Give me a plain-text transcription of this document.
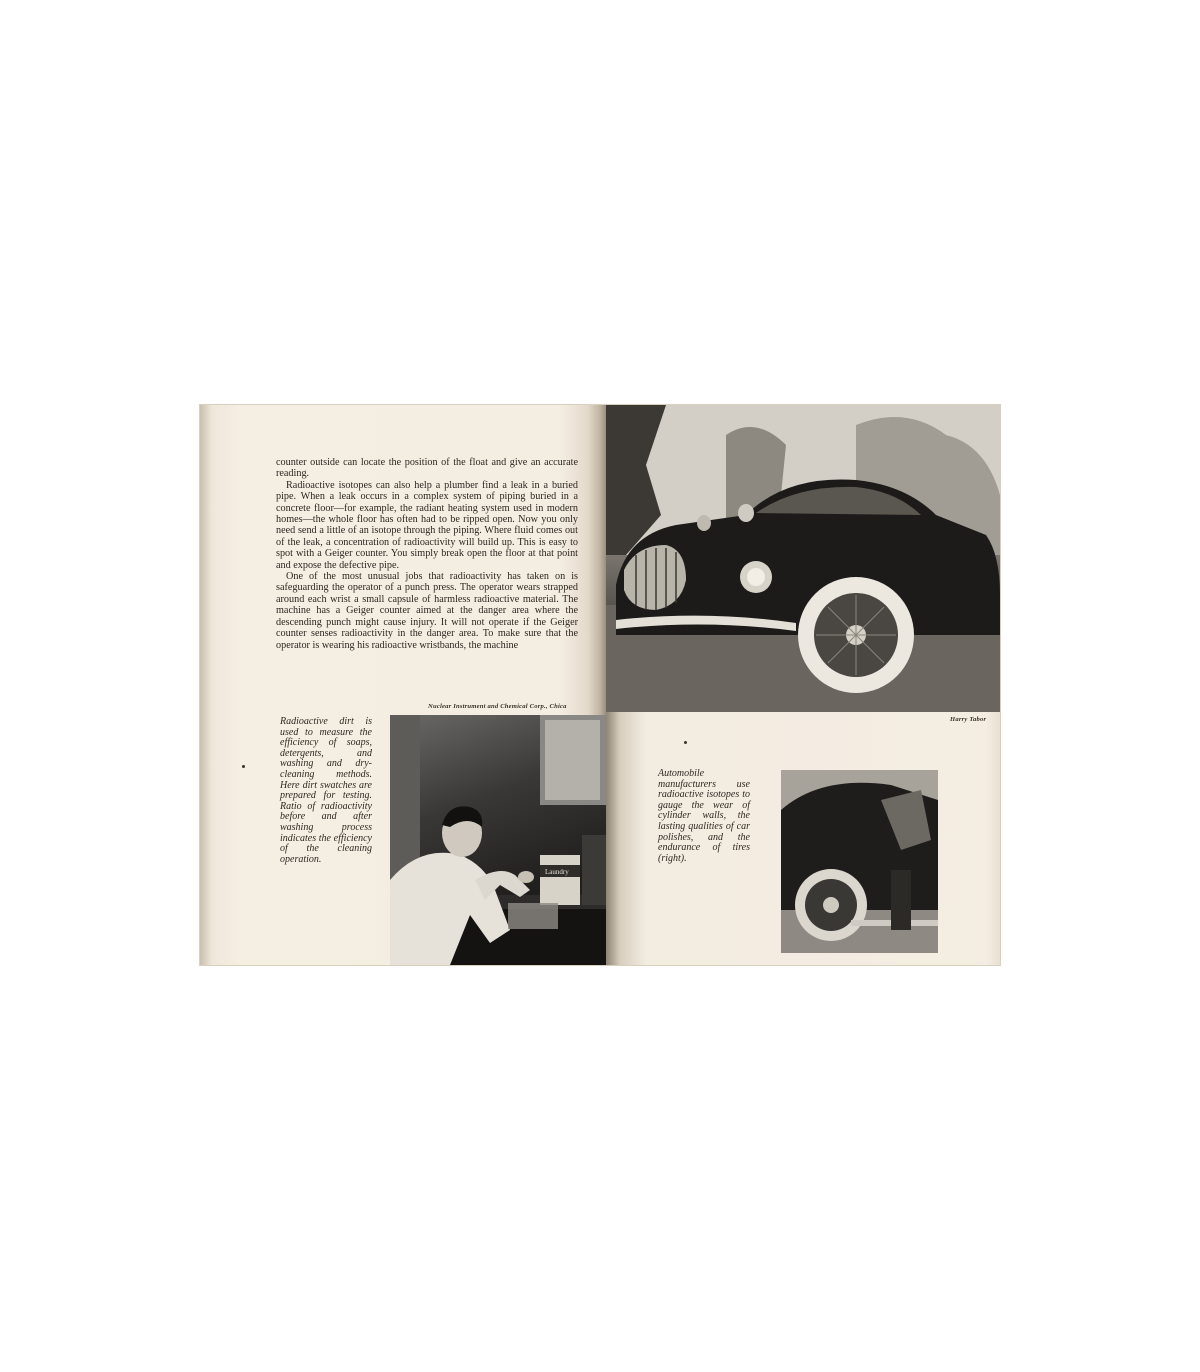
counter outside can locate the position of the float and give an accurate reading.

Radioactive isotopes can also help a plumber find a leak in a buried pipe. When a leak occurs in a complex system of piping buried in a concrete floor—for example, the radiant heating system used in modern homes—the whole floor has often had to be ripped open. Now you only need send a little of an isotope through the piping. Where fluid comes out of the leak, a concentration of radioactivity will build up. This is easy to spot with a Geiger counter. You simply break open the floor at that point and expose the defective pipe.

One of the most unusual jobs that radioactivity has taken on is safeguarding the operator of a punch press. The operator wears strapped around each wrist a small capsule of harmless radioactive material. The machine has a Geiger counter aimed at the danger area where the descending punch might cause injury. It will not operate if the Geiger counter senses radioactivity in the danger area. To make sure that the operator is wearing his radioactive wristbands, the machine

Nuclear Instrument and Chemical Corp., Chica
Radioactive dirt is used to measure the efficiency of soaps, detergents, and washing and dry-cleaning methods. Here dirt swatches are prepared for testing. Ratio of radioactivity before and after washing process indicates the efficiency of the cleaning operation.
Laundry
Harry Tabor
Automobile manufacturers use radioactive isotopes to gauge the wear of cylinder walls, the lasting qualities of car polishes, and the endurance of tires (right).
